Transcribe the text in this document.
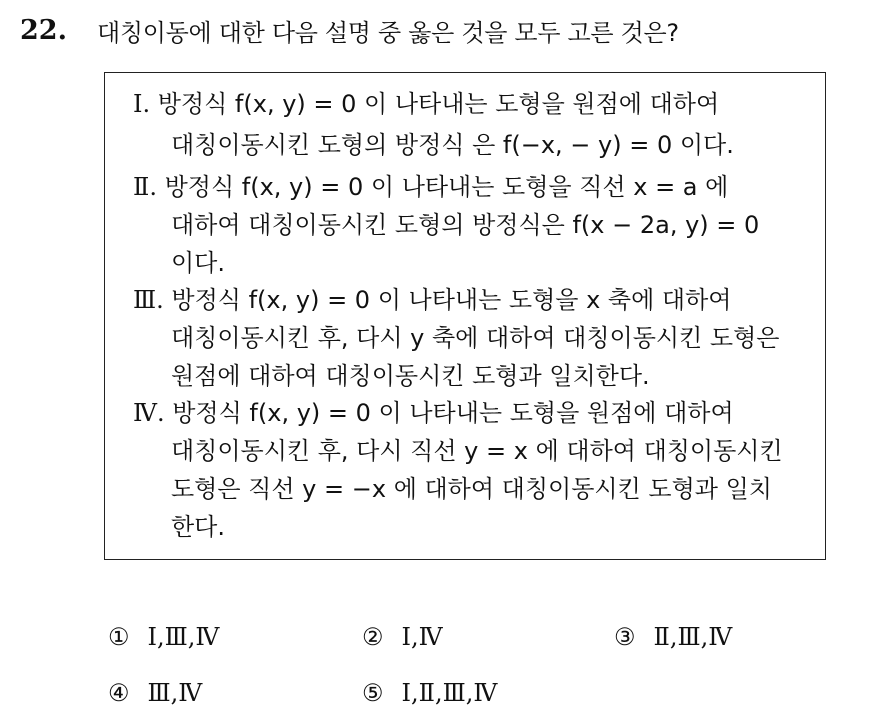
22. 대칭이동에 대한 다음 설명 중 옳은 것을 모두 고른 것은?
Ⅰ. 방정식 f(x, y) = 0 이 나타내는 도형을 원점에 대하여
대칭이동시킨 도형의 방정식 은 f(−x, − y) = 0 이다.
Ⅱ. 방정식 f(x, y) = 0 이 나타내는 도형을 직선 x = a 에
대하여 대칭이동시킨 도형의 방정식은 f(x − 2a, y) = 0
이다.
Ⅲ. 방정식 f(x, y) = 0 이 나타내는 도형을 x 축에 대하여
대칭이동시킨 후, 다시 y 축에 대하여 대칭이동시킨 도형은
원점에 대하여 대칭이동시킨 도형과 일치한다.
Ⅳ. 방정식 f(x, y) = 0 이 나타내는 도형을 원점에 대하여
대칭이동시킨 후, 다시 직선 y = x 에 대하여 대칭이동시킨
도형은 직선 y = −x 에 대하여 대칭이동시킨 도형과 일치
한다.
① Ⅰ,Ⅲ,Ⅳ	② Ⅰ,Ⅳ	③ Ⅱ,Ⅲ,Ⅳ
④ Ⅲ,Ⅳ	⑤ Ⅰ,Ⅱ,Ⅲ,Ⅳ
